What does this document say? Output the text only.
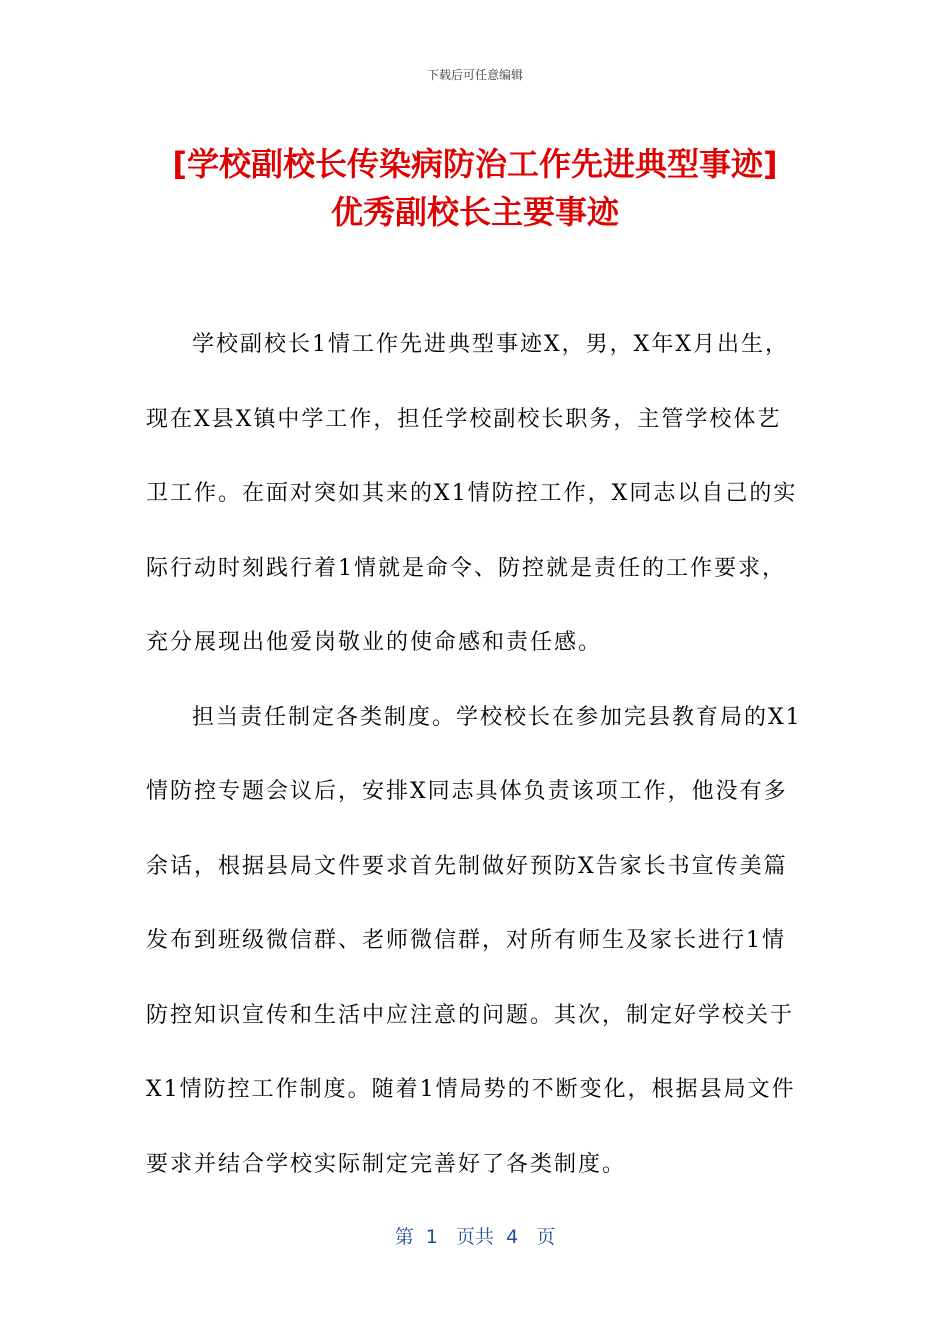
下载后可任意编辑
[学校副校长传染病防治工作先进典型事迹]
优秀副校长主要事迹
学校副校长1情工作先进典型事迹X，男，X年X月出生，
现在X县X镇中学工作，担任学校副校长职务，主管学校体艺
卫工作。在面对突如其来的X1情防控工作，X同志以自己的实
际行动时刻践行着1情就是命令、防控就是责任的工作要求，
充分展现出他爱岗敬业的使命感和责任感。
担当责任制定各类制度。学校校长在参加完县教育局的X1
情防控专题会议后，安排X同志具体负责该项工作，他没有多
余话，根据县局文件要求首先制做好预防X告家长书宣传美篇
发布到班级微信群、老师微信群，对所有师生及家长进行1情
防控知识宣传和生活中应注意的问题。其次，制定好学校关于
X1情防控工作制度。随着1情局势的不断变化，根据县局文件
要求并结合学校实际制定完善好了各类制度。
第  1   页共  4   页
